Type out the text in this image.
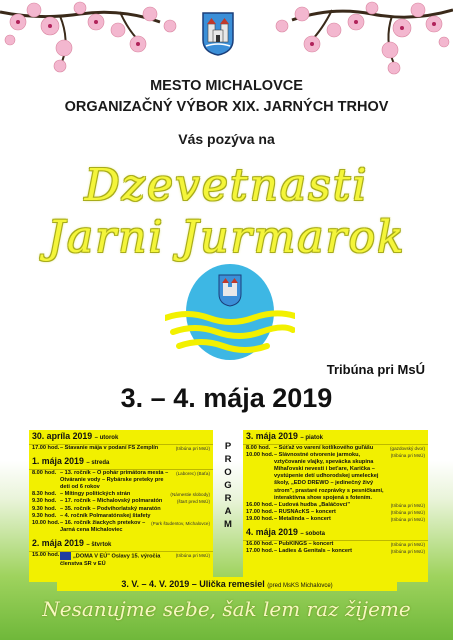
MESTO MICHALOVCE
ORGANIZAČNÝ VÝBOR XIX. JARNÝCH TRHOV
Vás pozýva na
Dzevetnasti
Jarni Jurmarok
Tribúna pri MsÚ
3. – 4. mája 2019
30. apríla 2019 – utorok
17.00 hod. – Stavanie mája v podaní FS Zemplín	(tribúna pri MsÚ)
1. mája 2019 – streda
8.00 hod. – 13. ročník – O pohár primátora mesta – Otváranie vody – Rybárske preteky pre deti od 6 rokov
(Laborec) (Baťa)
8.30 hod. – Mítingy politických strán	(Námestie slobody)
9.30 hod. – 17. ročník – Michalovský polmaratón	(štart pred MsÚ)
9.30 hod. – 35. ročník – Podvihorlatský maratón
9.30 hod. – 4. ročník Polmaratónskej štafety
10.00 hod. – 16. ročník žiackych pretekov – Jarná cena Michaloviec
(Park študentov, Michalovce)
2. mája 2019 – štvrtok
15.00 hod.	„DOMA V EÚ" Oslavy 15. výročia členstva SR v EÚ
(tribúna pri MsÚ)
P
R
O
G
R
A
M
3. mája 2019 – piatok
8.00 hod. – Súťaž vo varení kotlíkového guľášu	(gazdovský dvor)
10.00 hod. – Slávnostné otvorenie jarmoku, vztyčovanie vlajky, spevácka skupina Mihaľovski nevesti i bet'are, Karička – vystúpenie detí udhorodskej umeleckej školy, „EDO DREWO – jedinečný živý strom", prastaré rozprávky s pesničkami, interaktívna show spojená s fotením.
(tribúna pri MsÚ)
16.00 hod. – Ľudová hudba „Baláčovci"	(tribúna pri MsÚ)
17.00 hod. – RUSNAcKS – koncert	(tribúna pri MsÚ)
19.00 hod. – Metalinda – koncert	(tribúna pri MsÚ)
4. mája 2019 – sobota
16.00 hod. – PubKINGS – koncert	(tribúna pri MsÚ)
17.00 hod. – Ladies & Genitals – koncert	(tribúna pri MsÚ)
3. V. – 4. V. 2019 – Ulička remesiel (pred MsKS Michalovce)
Nesanujme sebe, šak lem raz žijeme
